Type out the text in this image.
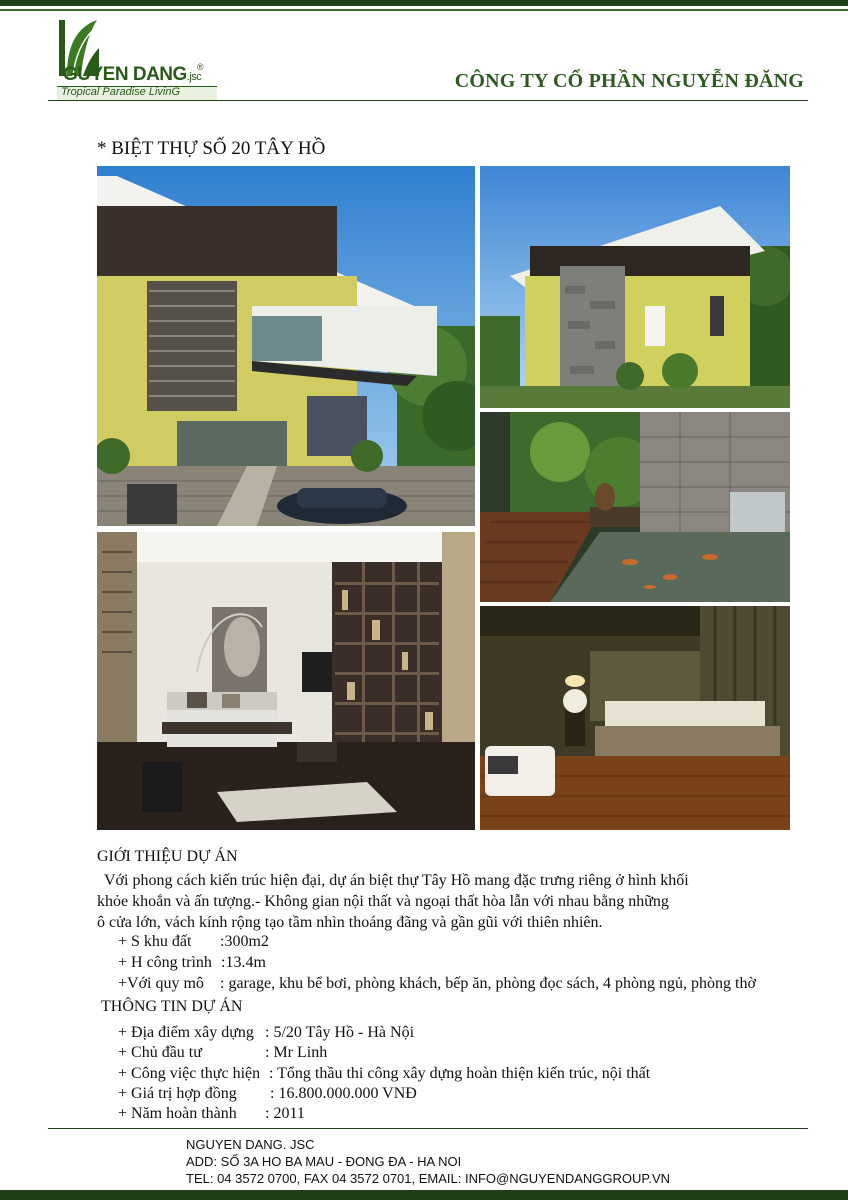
GUYEN DANG.jsc
®
Tropical Paradise LivinG	CÔNG TY CỔ PHẦN NGUYỄN ĐĂNG
* BIỆT THỰ SỐ 20 TÂY HỒ
GIỚI THIỆU DỰ ÁN
Với phong cách kiến trúc hiện đại, dự án biệt thự Tây Hồ mang đặc trưng riêng ở hình khối
khỏe khoắn và ấn tượng.- Không gian nội thất và ngoại thất hòa lẫn với nhau bằng những
ô cửa lớn, vách kính rộng tạo tầm nhìn thoáng đãng và gần gũi với thiên nhiên.
+ S khu đất :300m2
+ H công trình :13.4m
+Với quy mô : garage, khu bể bơi, phòng khách, bếp ăn, phòng đọc sách, 4 phòng ngủ, phòng thờ
THÔNG TIN DỰ ÁN
+ Địa điểm xây dựng : 5/20 Tây Hồ - Hà Nội
+ Chủ đầu tư	: Mr Linh
+ Công việc thực hiện : Tổng thầu thi công xây dựng hoàn thiện kiến trúc, nội thất
+ Giá trị hợp đồng : 16.800.000.000 VNĐ
+ Năm hoàn thành : 2011
NGUYEN DANG. JSC
ADD: SỐ 3A HO BA MAU - ĐONG ĐA - HA NOI
TEL: 04 3572 0700, FAX 04 3572 0701, EMAIL: INFO@NGUYENDANGGROUP.VN
